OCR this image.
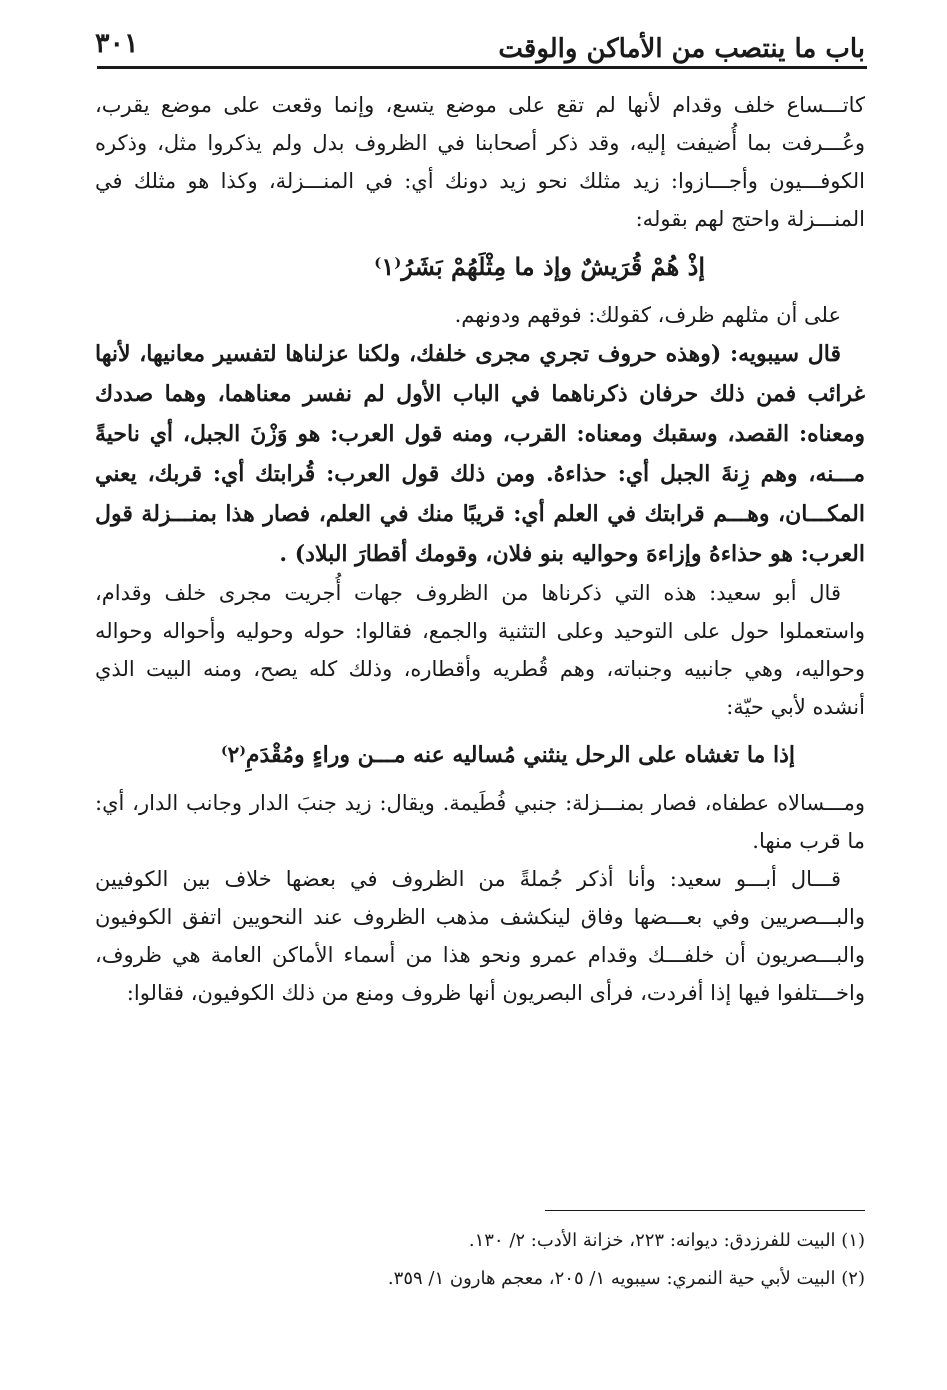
٣٠١	باب ما ينتصب من الأماكن والوقت

كاتـــساع خلف وقدام لأنها لم تقع على موضع يتسع، وإنما وقعت على موضع يقرب، وعُـــرفت بما أُضيفت إليه، وقد ذكر أصحابنا في الظروف بدل ولم يذكروا مثل، وذكره الكوفـــيون وأجـــازوا: زيد مثلك نحو زيد دونك أي: في المنـــزلة، وكذا هو مثلك في المنـــزلة واحتج لهم بقوله:

إذْ هُمْ قُرَيشٌ وإذ ما مِثْلَهُمْ بَشَرُ⁽١⁾

على أن مثلهم ظرف، كقولك: فوقهم ودونهم.

قال سيبويه: (وهذه حروف تجري مجرى خلفك، ولكنا عزلناها لتفسير معانيها، لأنها غرائب فمن ذلك حرفان ذكرناهما في الباب الأول لم نفسر معناهما، وهما صددك ومعناه: القصد، وسقبك ومعناه: القرب، ومنه قول العرب: هو وَزْنَ الجبل، أي ناحيةً مـــنه، وهم زِنةَ الجبل أي: حذاءهُ. ومن ذلك قول العرب: قُرابتك أي: قربك، يعني المكـــان، وهـــم قرابتك في العلم أي: قريبًا منك في العلم، فصار هذا بمنـــزلة قول العرب: هو حذاءهُ وإزاءهَ وحواليه بنو فلان، وقومك أقطارَ البلاد) .

قال أبو سعيد: هذه التي ذكرناها من الظروف جهات أُجريت مجرى خلف وقدام، واستعملوا حول على التوحيد وعلى التثنية والجمع، فقالوا: حوله وحوليه وأحواله وحواله وحواليه، وهي جانبيه وجنباته، وهم قُطريه وأقطاره، وذلك كله يصح، ومنه البيت الذي أنشده لأبي حيّة:

إذا ما تغشاه على الرحل ينثني مُساليه عنه مـــن وراءٍ ومُقْدَمِ⁽٢⁾

ومـــسالاه عطفاه، فصار بمنـــزلة: جنبي فُطَيمة. ويقال: زيد جنبَ الدار وجانب الدار، أي: ما قرب منها.

قـــال أبـــو سعيد: وأنا أذكر جُملةً من الظروف في بعضها خلاف بين الكوفيين والبـــصريين وفي بعـــضها وفاق لينكشف مذهب الظروف عند النحويين اتفق الكوفيون والبـــصريون أن خلفـــك وقدام عمرو ونحو هذا من أسماء الأماكن العامة هي ظروف، واخـــتلفوا فيها إذا أفردت، فرأى البصريون أنها ظروف ومنع من ذلك الكوفيون، فقالوا:

(١) البيت للفرزدق: ديوانه: ٢٢٣، خزانة الأدب: ٢/ ١٣٠.

(٢) البيت لأبي حية النمري: سيبويه ١/ ٢٠٥، معجم هارون ١/ ٣٥٩.
